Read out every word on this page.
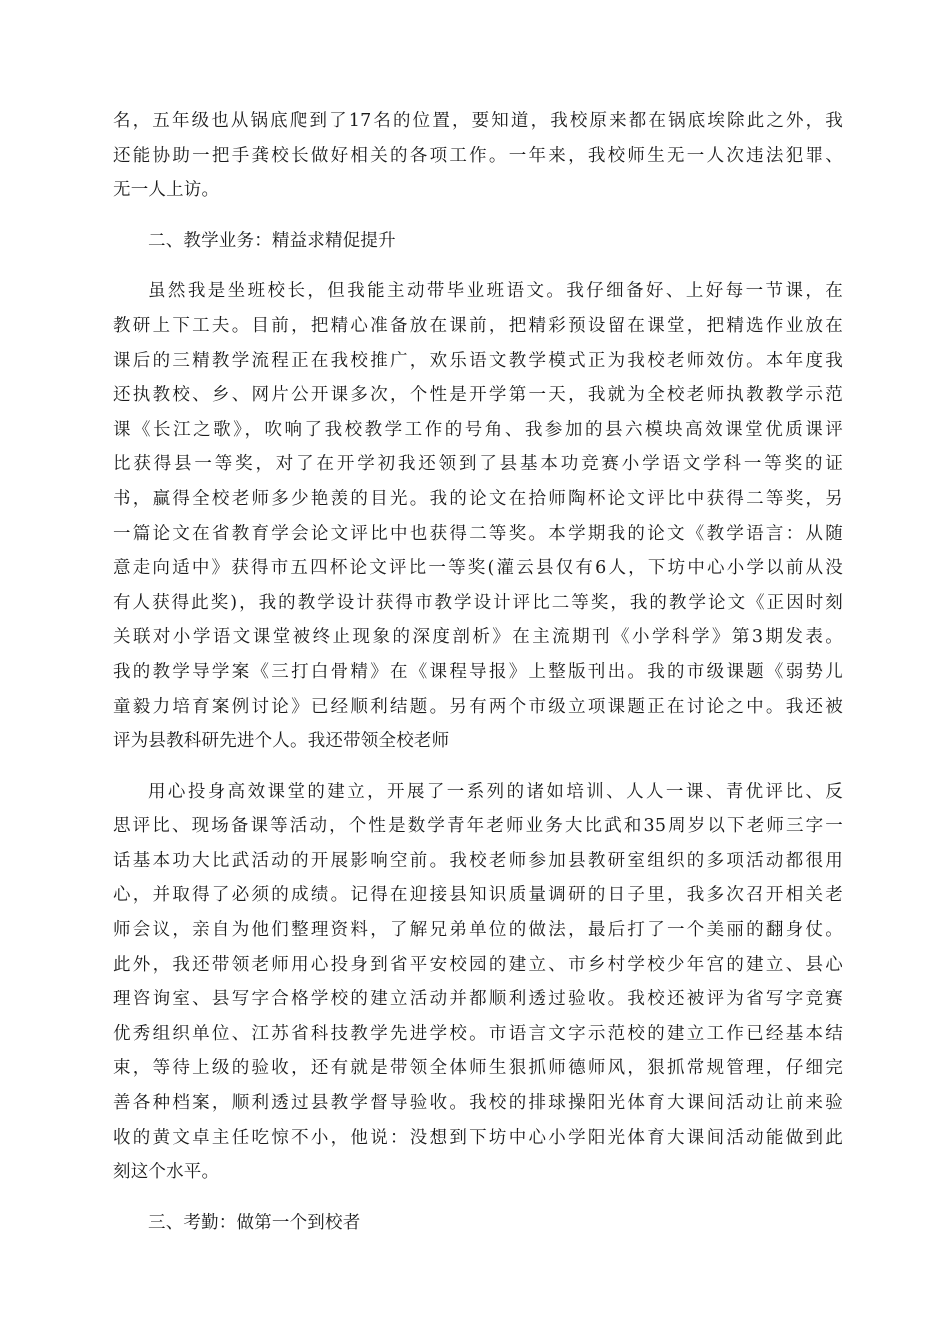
名，五年级也从锅底爬到了17名的位置，要知道，我校原来都在锅底埃除此之外，我
还能协助一把手龚校长做好相关的各项工作。一年来，我校师生无一人次违法犯罪、
无一人上访。
二、教学业务：精益求精促提升
虽然我是坐班校长，但我能主动带毕业班语文。我仔细备好、上好每一节课，在
教研上下工夫。目前，把精心准备放在课前，把精彩预设留在课堂，把精选作业放在
课后的三精教学流程正在我校推广，欢乐语文教学模式正为我校老师效仿。本年度我
还执教校、乡、网片公开课多次，个性是开学第一天，我就为全校老师执教教学示范
课《长江之歌》，吹响了我校教学工作的号角、我参加的县六模块高效课堂优质课评
比获得县一等奖，对了在开学初我还领到了县基本功竞赛小学语文学科一等奖的证
书，赢得全校老师多少艳羡的目光。我的论文在拾师陶杯论文评比中获得二等奖，另
一篇论文在省教育学会论文评比中也获得二等奖。本学期我的论文《教学语言：从随
意走向适中》获得市五四杯论文评比一等奖(灌云县仅有6人，下坊中心小学以前从没
有人获得此奖)，我的教学设计获得市教学设计评比二等奖，我的教学论文《正因时刻
关联对小学语文课堂被终止现象的深度剖析》在主流期刊《小学科学》第3期发表。
我的教学导学案《三打白骨精》在《课程导报》上整版刊出。我的市级课题《弱势儿
童毅力培育案例讨论》已经顺利结题。另有两个市级立项课题正在讨论之中。我还被
评为县教科研先进个人。我还带领全校老师
用心投身高效课堂的建立，开展了一系列的诸如培训、人人一课、青优评比、反
思评比、现场备课等活动，个性是数学青年老师业务大比武和35周岁以下老师三字一
话基本功大比武活动的开展影响空前。我校老师参加县教研室组织的多项活动都很用
心，并取得了必须的成绩。记得在迎接县知识质量调研的日子里，我多次召开相关老
师会议，亲自为他们整理资料，了解兄弟单位的做法，最后打了一个美丽的翻身仗。
此外，我还带领老师用心投身到省平安校园的建立、市乡村学校少年宫的建立、县心
理咨询室、县写字合格学校的建立活动并都顺利透过验收。我校还被评为省写字竞赛
优秀组织单位、江苏省科技教学先进学校。市语言文字示范校的建立工作已经基本结
束，等待上级的验收，还有就是带领全体师生狠抓师德师风，狠抓常规管理，仔细完
善各种档案，顺利透过县教学督导验收。我校的排球操阳光体育大课间活动让前来验
收的黄文卓主任吃惊不小，他说：没想到下坊中心小学阳光体育大课间活动能做到此
刻这个水平。
三、考勤：做第一个到校者
